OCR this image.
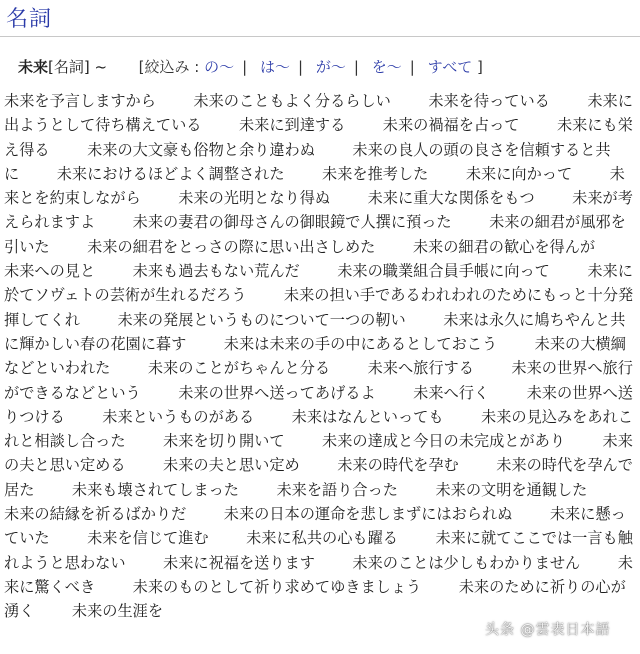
名詞
未来[名詞] ~ [絞込み : の～ | は～ | が～ | を～ | すべて ]
未来を予言しますから 未来のこともよく分るらしい 未来を待っている 未来に出ようとして待ち構えている 未来に到達する 未来の禍福を占って 未来にも栄え得る 未来の大文豪も俗物と余り違わぬ 未来の良人の頭の良さを信頼すると共に 未来におけるほどよく調整された 未来を推考した 未来に向かって 未来とを約束しながら 未来の光明となり得ぬ 未来に重大な関係をもつ 未来が考えられますよ 未来の妻君の御母さんの御眼鏡で人撰に預った 未来の細君が風邪を引いた 未来の細君をとっさの際に思い出さしめた 未来の細君の歓心を得んが 未来への見と 未来も過去もない荒んだ 未来の職業組合員手帳に向って 未来に於てソヴェトの芸術が生れるだろう 未来の担い手であるわれわれのためにもっと十分発揮してくれ 未来の発展というものについて一つの靭い 未来は永久に鳩ちやんと共に輝かしい春の花園に暮す 未来は未来の手の中にあるとしておこう 未来の大横綱などといわれた 未来のことがちゃんと分る 未来へ旅行する 未来の世界へ旅行ができるなどという 未来の世界へ送ってあげるよ 未来へ行く 未来の世界へ送りつける 未来というものがある 未来はなんといっても 未来の見込みをあれこれと相談し合った 未来を切り開いて 未来の達成と今日の未完成とがあり 未来の夫と思い定める 未来の夫と思い定め 未来の時代を孕む 未来の時代を孕んで居た 未来も壊されてしまった 未来を語り合った 未来の文明を通観した 未来の結縁を祈るばかりだ 未来の日本の運命を悲しまずにはおられぬ 未来に懸っていた 未来を信じて進む 未来に私共の心も躍る 未来に就てここでは一言も触れようと思わない 未来に祝福を送ります 未来のことは少しもわかりません 未来に驚くべき 未来のものとして祈り求めてゆきましょう 未来のために祈りの心が湧く 未来の生涯を
头条 @雲表日本語
